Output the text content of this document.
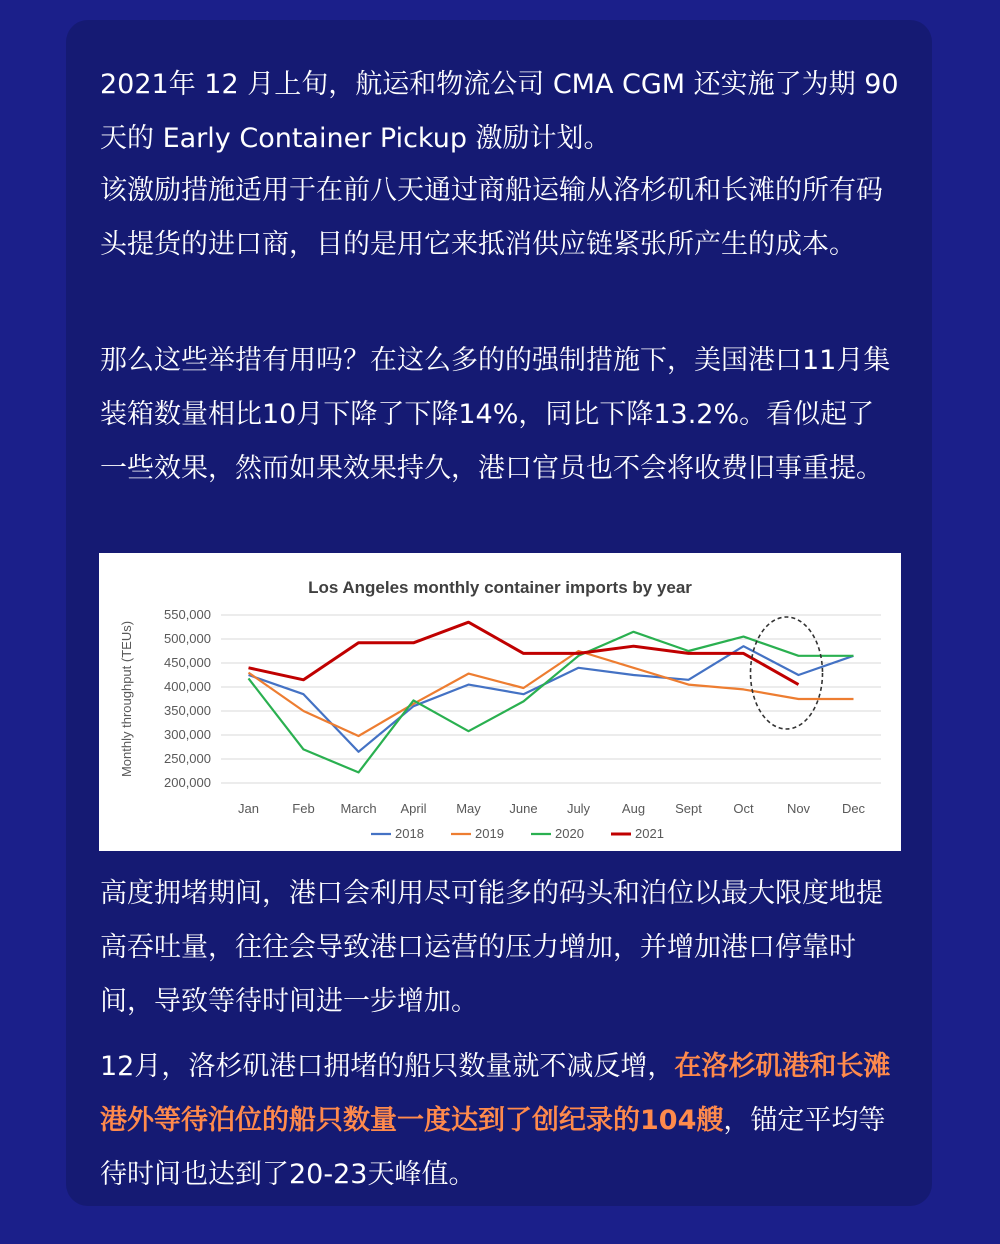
2021年 12 月上旬，航运和物流公司 CMA CGM 还实施了为期 90 天的 Early Container Pickup 激励计划。

该激励措施适用于在前八天通过商船运输从洛杉矶和长滩的所有码头提货的进口商，目的是用它来抵消供应链紧张所产生的成本。

那么这些举措有用吗？在这么多的的强制措施下，美国港口11月集装箱数量相比10月下降了下降14%，同比下降13.2%。看似起了一些效果，然而如果效果持久，港口官员也不会将收费旧事重提。

Los Angeles monthly container imports by year
550,000
500,000
450,000
400,000
350,000
300,000
250,000
200,000
Monthly throughput (TEUs)
Jan	Feb March April May June July Aug Sept Oct	Nov Dec
2018	2019	2020	2021

高度拥堵期间，港口会利用尽可能多的码头和泊位以最大限度地提高吞吐量，往往会导致港口运营的压力增加，并增加港口停靠时间，导致等待时间进一步增加。

12月，洛杉矶港口拥堵的船只数量就不减反增，在洛杉矶港和长滩港外等待泊位的船只数量一度达到了创纪录的104艘，锚定平均等待时间也达到了20-23天峰值。
